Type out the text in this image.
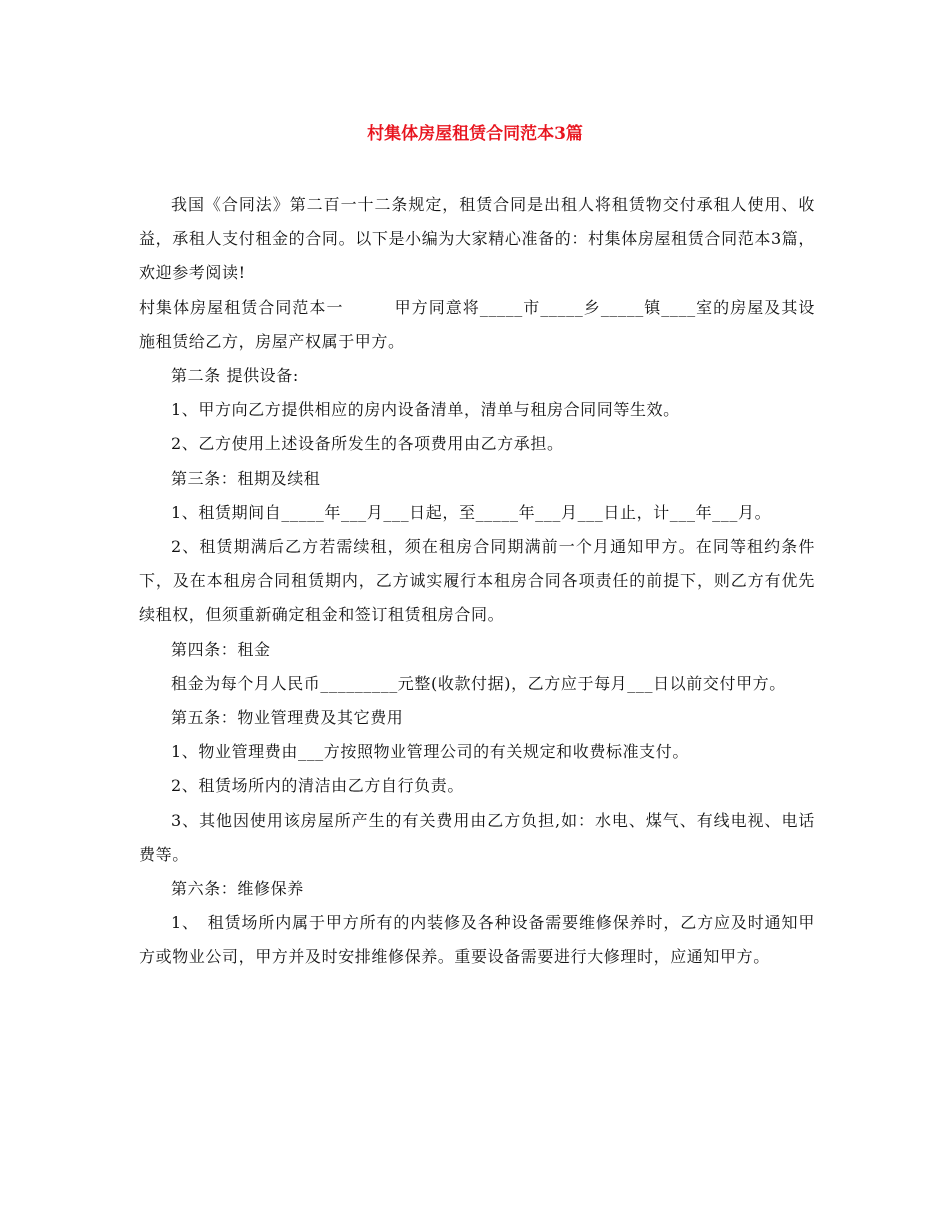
村集体房屋租赁合同范本3篇

我国《合同法》第二百一十二条规定，租赁合同是出租人将租赁物交付承租人使用、收益，承租人支付租金的合同。以下是小编为大家精心准备的：村集体房屋租赁合同范本3篇，欢迎参考阅读!

村集体房屋租赁合同范本一　　　甲方同意将_____市_____乡_____镇____室的房屋及其设施租赁给乙方，房屋产权属于甲方。

第二条 提供设备:

1、甲方向乙方提供相应的房内设备清单，清单与租房合同同等生效。

2、乙方使用上述设备所发生的各项费用由乙方承担。

第三条：租期及续租

1、租赁期间自_____年___月___日起，至_____年___月___日止，计___年___月。

2、租赁期满后乙方若需续租，须在租房合同期满前一个月通知甲方。在同等租约条件下，及在本租房合同租赁期内，乙方诚实履行本租房合同各项责任的前提下，则乙方有优先续租权，但须重新确定租金和签订租赁租房合同。

第四条：租金

租金为每个月人民币_________元整(收款付据)，乙方应于每月___日以前交付甲方。

第五条：物业管理费及其它费用

1、物业管理费由___方按照物业管理公司的有关规定和收费标准支付。

2、租赁场所内的清洁由乙方自行负责。

3、其他因使用该房屋所产生的有关费用由乙方负担,如：水电、煤气、有线电视、电话费等。

第六条：维修保养

1、　租赁场所内属于甲方所有的内装修及各种设备需要维修保养时，乙方应及时通知甲方或物业公司，甲方并及时安排维修保养。重要设备需要进行大修理时，应通知甲方。
